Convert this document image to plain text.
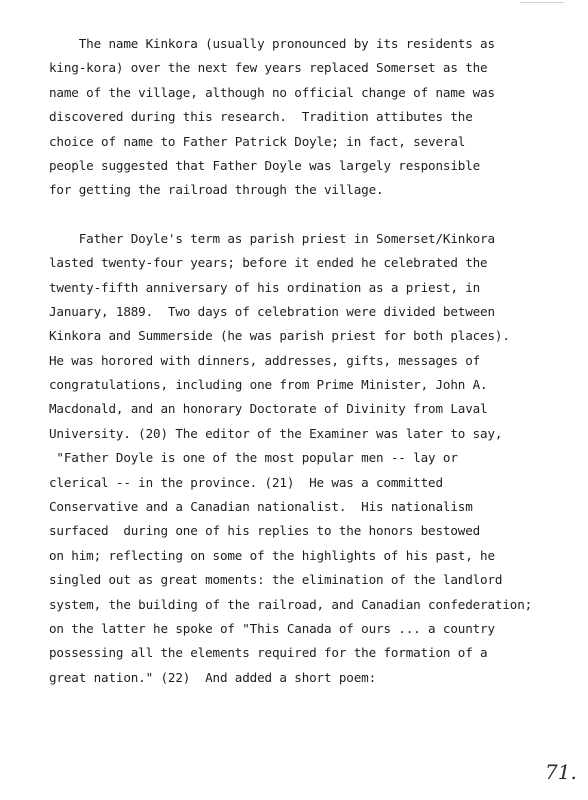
The name Kinkora (usually pronounced by its residents as
king-kora) over the next few years replaced Somerset as the
name of the village, although no official change of name was
discovered during this research.  Tradition attibutes the
choice of name to Father Patrick Doyle; in fact, several
people suggested that Father Doyle was largely responsible
for getting the railroad through the village.
Father Doyle's term as parish priest in Somerset/Kinkora
lasted twenty-four years; before it ended he celebrated the
twenty-fifth anniversary of his ordination as a priest, in
January, 1889.  Two days of celebration were divided between
Kinkora and Summerside (he was parish priest for both places).
He was horored with dinners, addresses, gifts, messages of
congratulations, including one from Prime Minister, John A.
Macdonald, and an honorary Doctorate of Divinity from Laval
University. (20) The editor of the Examiner was later to say,
"Father Doyle is one of the most popular men -- lay or
clerical -- in the province. (21)  He was a committed
Conservative and a Canadian nationalist.  His nationalism
surfaced  during one of his replies to the honors bestowed
on him; reflecting on some of the highlights of his past, he
singled out as great moments: the elimination of the landlord
system, the building of the railroad, and Canadian confederation;
on the latter he spoke of "This Canada of ours ... a country
possessing all the elements required for the formation of a
great nation." (22)  And added a short poem:
71.
